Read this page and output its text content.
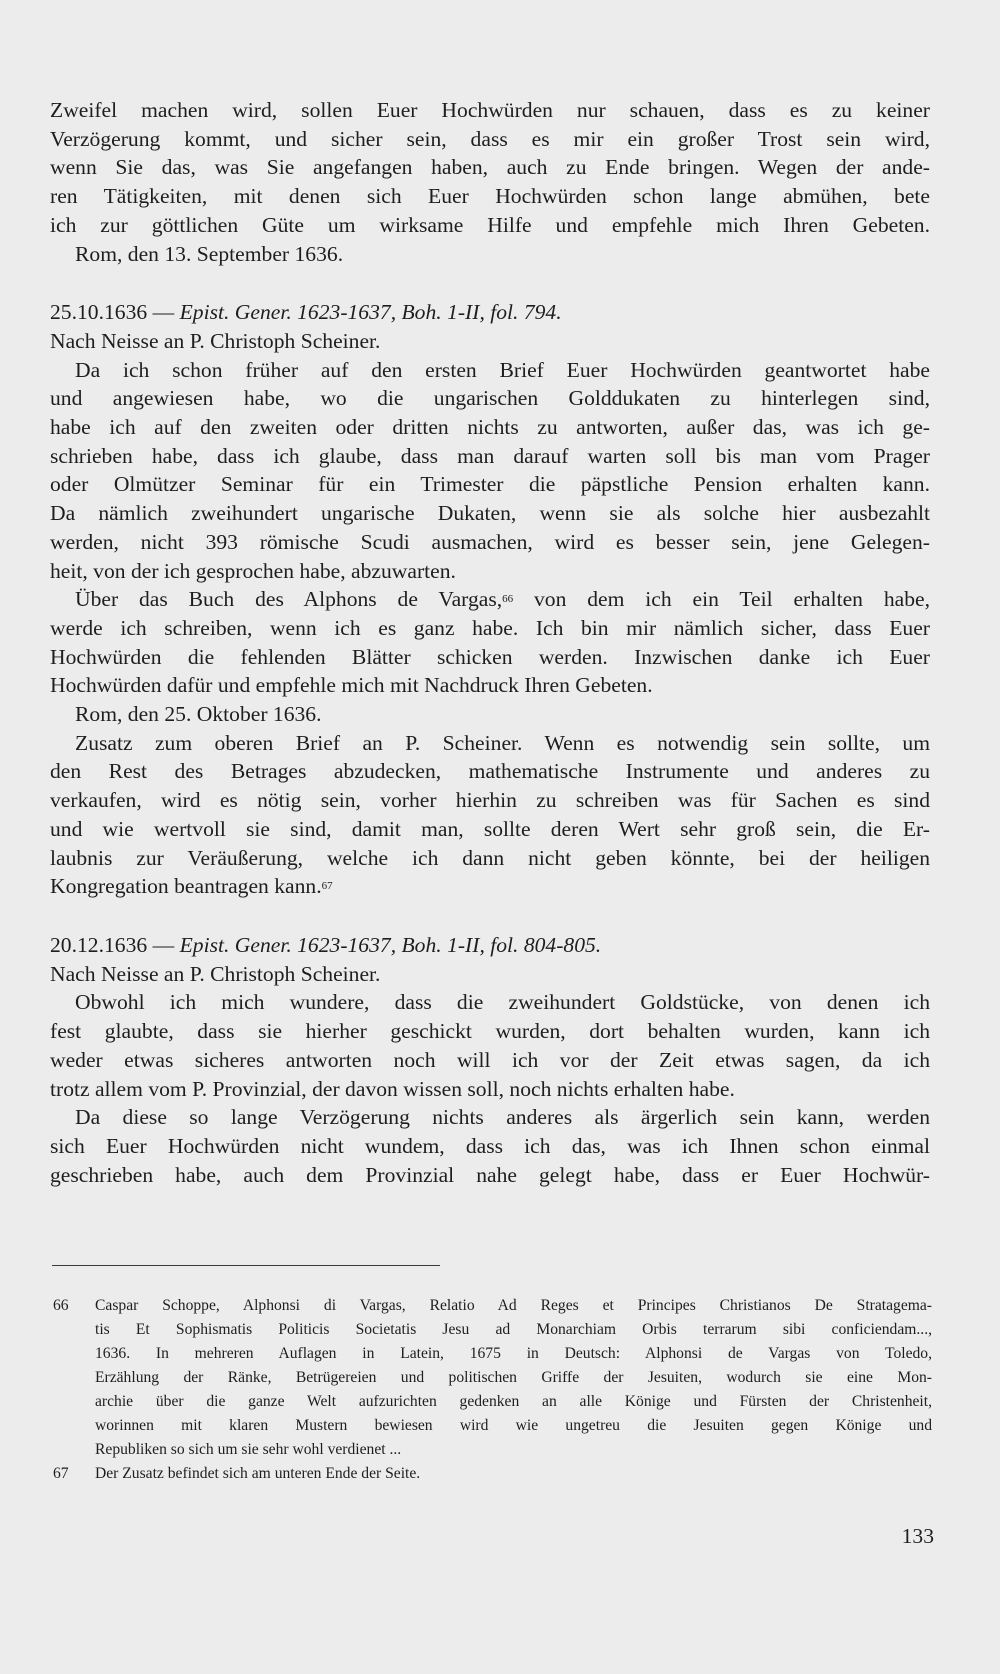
Zweifel machen wird, sollen Euer Hochwürden nur schauen, dass es zu keiner
Verzögerung kommt, und sicher sein, dass es mir ein großer Trost sein wird,
wenn Sie das, was Sie angefangen haben, auch zu Ende bringen. Wegen der ande-
ren Tätigkeiten, mit denen sich Euer Hochwürden schon lange abmühen, bete
ich zur göttlichen Güte um wirksame Hilfe und empfehle mich Ihren Gebeten.
Rom, den 13. September 1636.
25.10.1636 — Epist. Gener. 1623-1637, Boh. 1-II, fol. 794.
Nach Neisse an P. Christoph Scheiner.
Da ich schon früher auf den ersten Brief Euer Hochwürden geantwortet habe
und angewiesen habe, wo die ungarischen Golddukaten zu hinterlegen sind,
habe ich auf den zweiten oder dritten nichts zu antworten, außer das, was ich ge-
schrieben habe, dass ich glaube, dass man darauf warten soll bis man vom Prager
oder Olmützer Seminar für ein Trimester die päpstliche Pension erhalten kann.
Da nämlich zweihundert ungarische Dukaten, wenn sie als solche hier ausbezahlt
werden, nicht 393 römische Scudi ausmachen, wird es besser sein, jene Gelegen-
heit, von der ich gesprochen habe, abzuwarten.
Über das Buch des Alphons de Vargas,$^{66}$ von dem ich ein Teil erhalten habe,
werde ich schreiben, wenn ich es ganz habe. Ich bin mir nämlich sicher, dass Euer
Hochwürden die fehlenden Blätter schicken werden. Inzwischen danke ich Euer
Hochwürden dafür und empfehle mich mit Nachdruck Ihren Gebeten.
Rom, den 25. Oktober 1636.
Zusatz zum oberen Brief an P. Scheiner. Wenn es notwendig sein sollte, um
den Rest des Betrages abzudecken, mathematische Instrumente und anderes zu
verkaufen, wird es nötig sein, vorher hierhin zu schreiben was für Sachen es sind
und wie wertvoll sie sind, damit man, sollte deren Wert sehr groß sein, die Er-
laubnis zur Veräußerung, welche ich dann nicht geben könnte, bei der heiligen
Kongregation beantragen kann.$^{67}$
20.12.1636 — Epist. Gener. 1623-1637, Boh. 1-II, fol. 804-805.
Nach Neisse an P. Christoph Scheiner.
Obwohl ich mich wundere, dass die zweihundert Goldstücke, von denen ich
fest glaubte, dass sie hierher geschickt wurden, dort behalten wurden, kann ich
weder etwas sicheres antworten noch will ich vor der Zeit etwas sagen, da ich
trotz allem vom P. Provinzial, der davon wissen soll, noch nichts erhalten habe.
Da diese so lange Verzögerung nichts anderes als ärgerlich sein kann, werden
sich Euer Hochwürden nicht wundem, dass ich das, was ich Ihnen schon einmal
geschrieben habe, auch dem Provinzial nahe gelegt habe, dass er Euer Hochwür-
66 Caspar Schoppe, Alphonsi di Vargas, Relatio Ad Reges et Principes Christianos De Stratagema-
tis Et Sophismatis Politicis Societatis Jesu ad Monarchiam Orbis terrarum sibi conficiendam...,
1636. In mehreren Auflagen in Latein, 1675 in Deutsch: Alphonsi de Vargas von Toledo,
Erzählung der Ränke, Betrügereien und politischen Griffe der Jesuiten, wodurch sie eine Mon-
archie über die ganze Welt aufzurichten gedenken an alle Könige und Fürsten der Christenheit,
worinnen mit klaren Mustern bewiesen wird wie ungetreu die Jesuiten gegen Könige und
Republiken so sich um sie sehr wohl verdienet ...
67 Der Zusatz befindet sich am unteren Ende der Seite.
133
